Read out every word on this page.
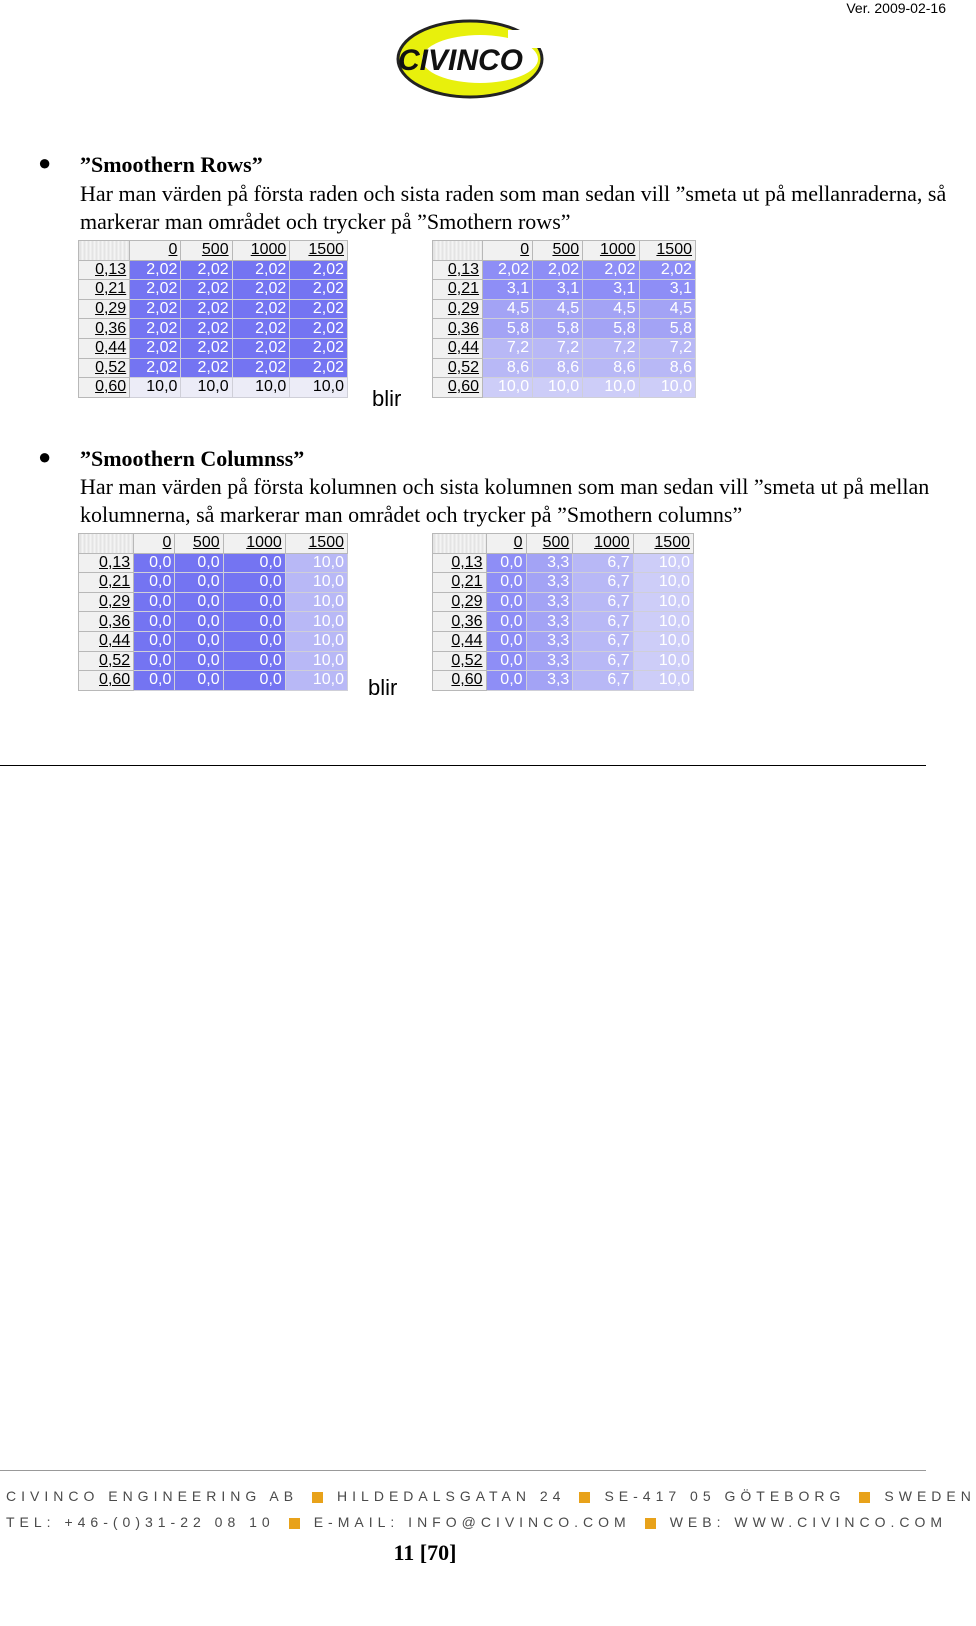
Ver. 2009-02-16
CIVINCO
● ”Smoothern Rows”
Har man värden på första raden och sista raden som man sedan vill ”smeta ut på mellanraderna, så markerar man området och trycker på ”Smothern rows”
	0	500	1000	1500
0,13	2,02	2,02	2,02	2,02
0,21	2,02	2,02	2,02	2,02
0,29	2,02	2,02	2,02	2,02
0,36	2,02	2,02	2,02	2,02
0,44	2,02	2,02	2,02	2,02
0,52	2,02	2,02	2,02	2,02
0,60	10,0	10,0	10,0	10,0 blir
	0	500	1000	1500
0,13	2,02	2,02	2,02	2,02
0,21	3,1	3,1	3,1	3,1
0,29	4,5	4,5	4,5	4,5
0,36	5,8	5,8	5,8	5,8
0,44	7,2	7,2	7,2	7,2
0,52	8,6	8,6	8,6	8,6
0,60	10,0	10,0	10,0	10,0
● ”Smoothern Columnss”
Har man värden på första kolumnen och sista kolumnen som man sedan vill ”smeta ut på mellan kolumnerna, så markerar man området och trycker på ”Smothern columns”
	0	500	1000	1500
0,13	0,0	0,0	0,0	10,0
0,21	0,0	0,0	0,0	10,0
0,29	0,0	0,0	0,0	10,0
0,36	0,0	0,0	0,0	10,0
0,44	0,0	0,0	0,0	10,0
0,52	0,0	0,0	0,0	10,0
0,60	0,0	0,0	0,0	10,0 blir
	0	500	1000	1500
0,13	0,0	3,3	6,7	10,0
0,21	0,0	3,3	6,7	10,0
0,29	0,0	3,3	6,7	10,0
0,36	0,0	3,3	6,7	10,0
0,44	0,0	3,3	6,7	10,0
0,52	0,0	3,3	6,7	10,0
0,60	0,0	3,3	6,7	10,0
CIVINCO ENGINEERING AB	HILDEDALSGATAN 24	SE-417 05 GÖTEBORG	SWEDEN
TEL: +46-(0)31-22 08 10	E-MAIL: INFO@CIVINCO.COM	WEB: WWW.CIVINCO.COM
11 [70]
